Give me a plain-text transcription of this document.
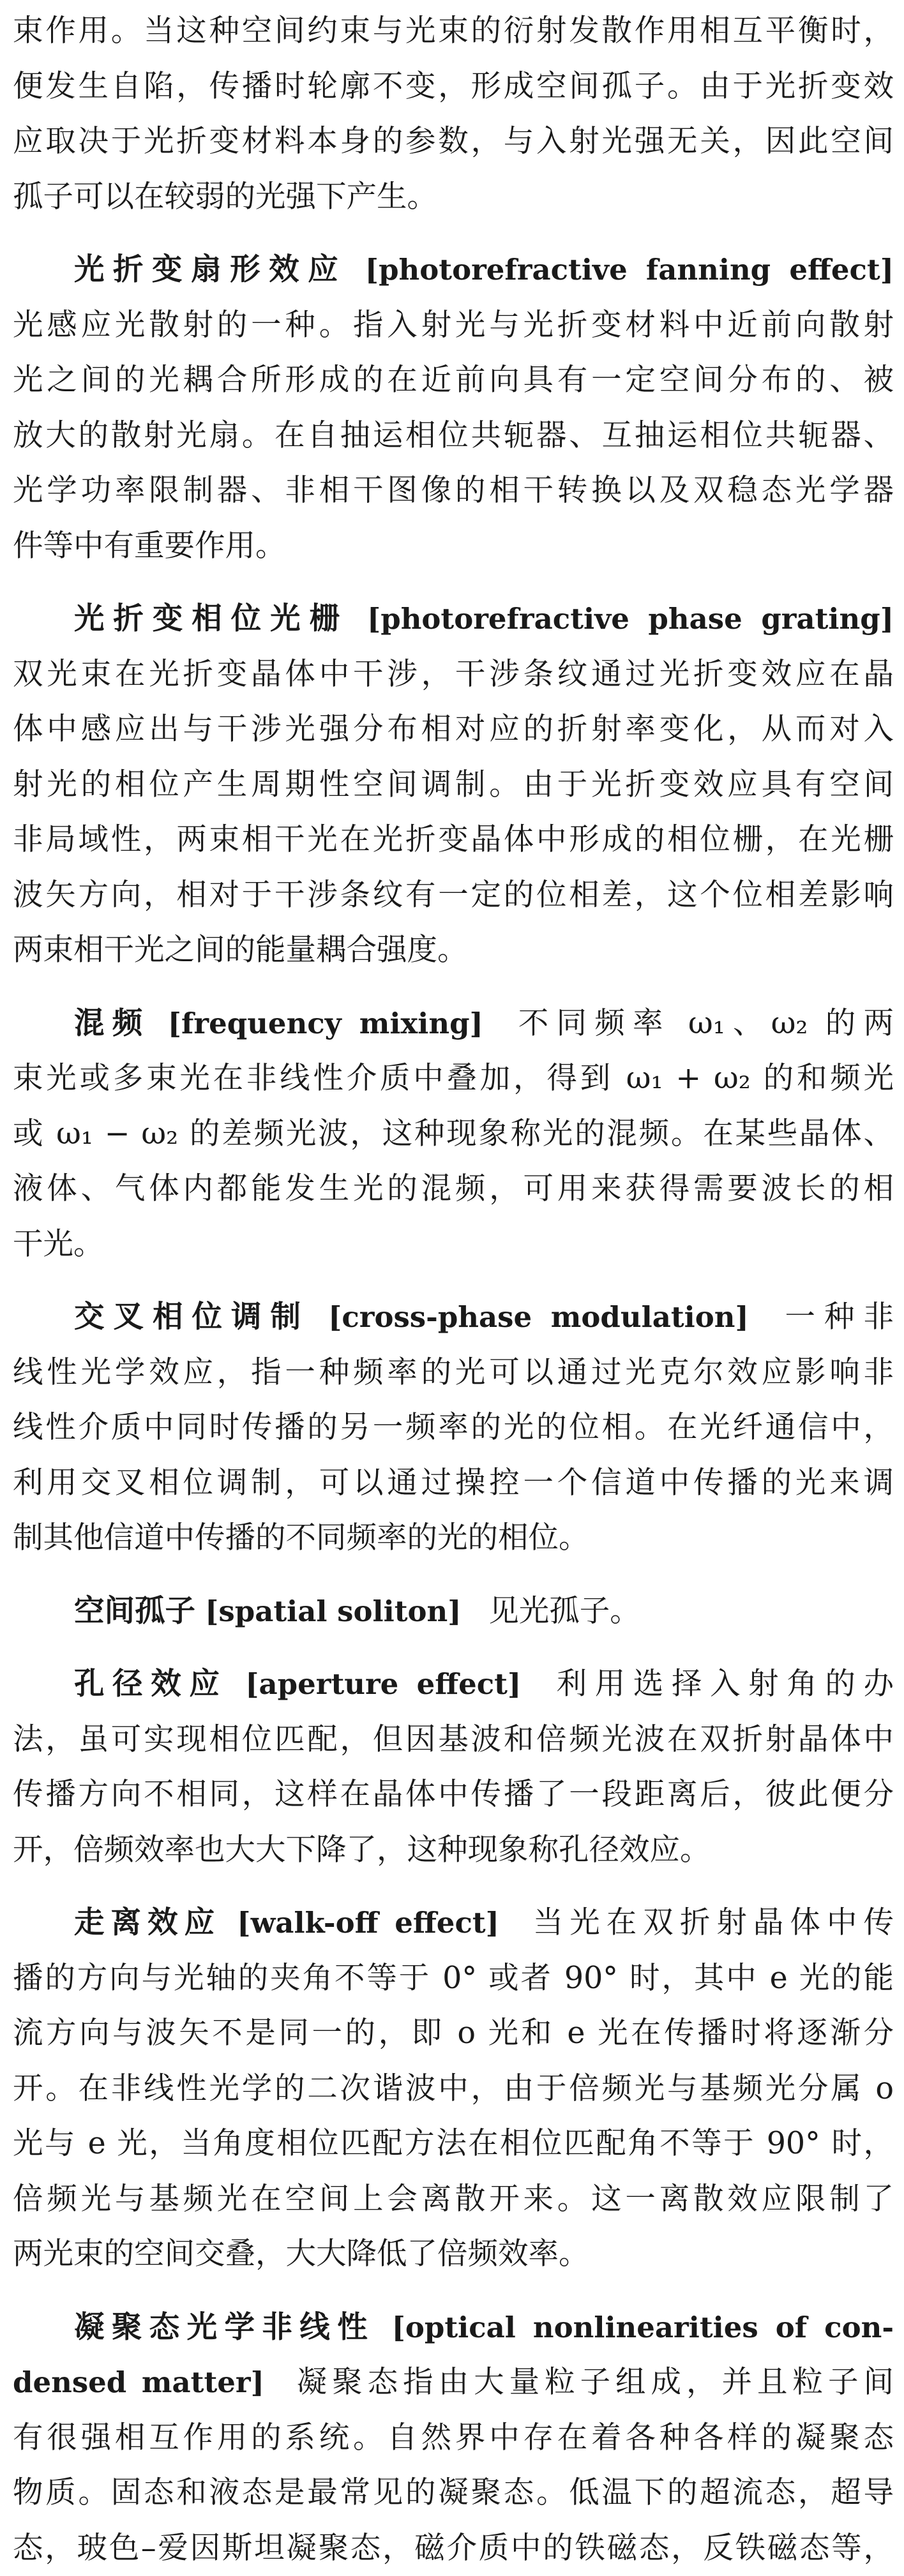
束作用。当这种空间约束与光束的衍射发散作用相互平衡时，
便发生自陷，传播时轮廓不变，形成空间孤子。由于光折变效
应取决于光折变材料本身的参数，与入射光强无关，因此空间
孤子可以在较弱的光强下产生。
光折变扇形效应 [photorefractive fanning effect]
光感应光散射的一种。指入射光与光折变材料中近前向散射
光之间的光耦合所形成的在近前向具有一定空间分布的、被
放大的散射光扇。在自抽运相位共轭器、互抽运相位共轭器、
光学功率限制器、非相干图像的相干转换以及双稳态光学器
件等中有重要作用。
光折变相位光栅 [photorefractive phase grating]
双光束在光折变晶体中干涉，干涉条纹通过光折变效应在晶
体中感应出与干涉光强分布相对应的折射率变化，从而对入
射光的相位产生周期性空间调制。由于光折变效应具有空间
非局域性，两束相干光在光折变晶体中形成的相位栅，在光栅
波矢方向，相对于干涉条纹有一定的位相差，这个位相差影响
两束相干光之间的能量耦合强度。
混频 [frequency mixing] 不同频率 ω₁、ω₂ 的两
束光或多束光在非线性介质中叠加，得到 ω₁ + ω₂ 的和频光
或 ω₁ − ω₂ 的差频光波，这种现象称光的混频。在某些晶体、
液体、气体内都能发生光的混频，可用来获得需要波长的相
干光。
交叉相位调制 [cross-phase modulation] 一种非
线性光学效应，指一种频率的光可以通过光克尔效应影响非
线性介质中同时传播的另一频率的光的位相。在光纤通信中，
利用交叉相位调制，可以通过操控一个信道中传播的光来调
制其他信道中传播的不同频率的光的相位。
空间孤子 [spatial soliton] 见光孤子。
孔径效应 [aperture effect] 利用选择入射角的办
法，虽可实现相位匹配，但因基波和倍频光波在双折射晶体中
传播方向不相同，这样在晶体中传播了一段距离后，彼此便分
开，倍频效率也大大下降了，这种现象称孔径效应。
走离效应 [walk-off effect] 当光在双折射晶体中传
播的方向与光轴的夹角不等于 0° 或者 90° 时，其中 e 光的能
流方向与波矢不是同一的，即 o 光和 e 光在传播时将逐渐分
开。在非线性光学的二次谐波中，由于倍频光与基频光分属 o
光与 e 光，当角度相位匹配方法在相位匹配角不等于 90° 时，
倍频光与基频光在空间上会离散开来。这一离散效应限制了
两光束的空间交叠，大大降低了倍频效率。
凝聚态光学非线性 [optical nonlinearities of con-
densed matter] 凝聚态指由大量粒子组成，并且粒子间
有很强相互作用的系统。自然界中存在着各种各样的凝聚态
物质。固态和液态是最常见的凝聚态。低温下的超流态，超导
态，玻色–爱因斯坦凝聚态，磁介质中的铁磁态，反铁磁态等，
